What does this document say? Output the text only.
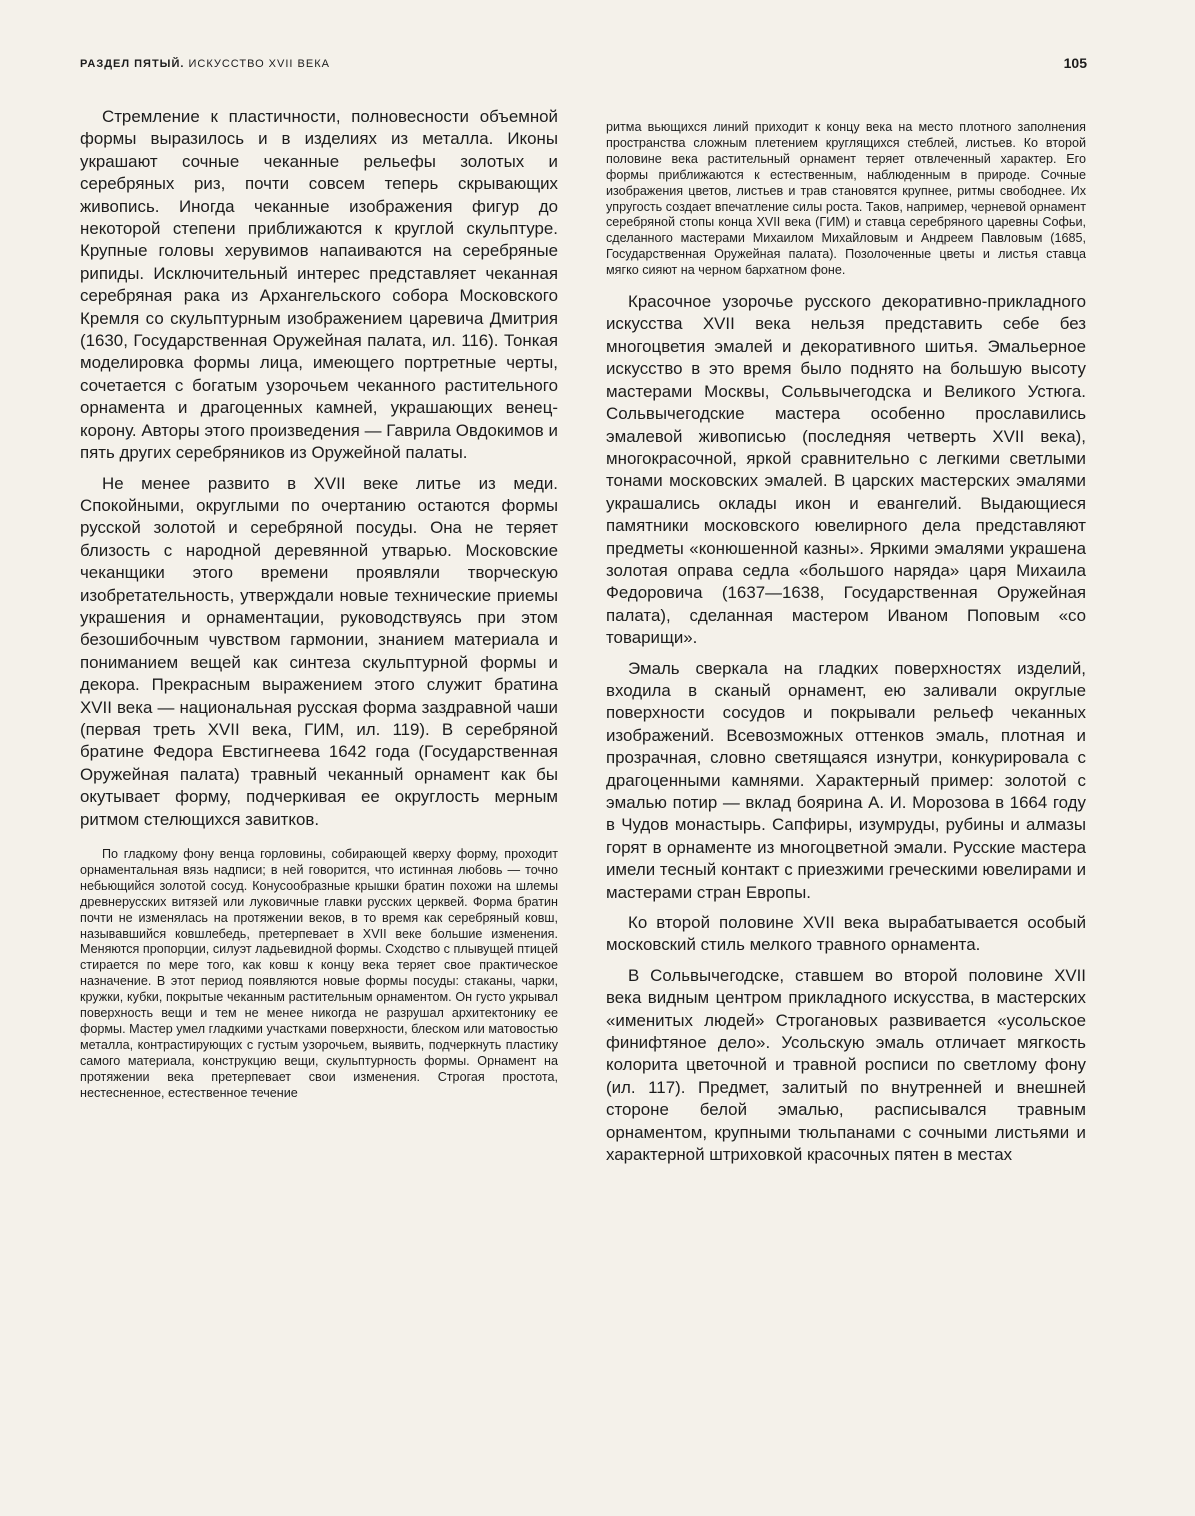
РАЗДЕЛ ПЯТЫЙ. ИСКУССТВО XVII ВЕКА	105

Стремление к пластичности, полновесности объемной формы выразилось и в изделиях из металла. Иконы украшают сочные чеканные рельефы золотых и серебряных риз, почти совсем теперь скрывающих живопись. Иногда чеканные изображения фигур до некоторой степени приближаются к круглой скульптуре. Крупные головы херувимов напаиваются на серебряные рипиды. Исключительный интерес представляет чеканная серебряная рака из Архангельского собора Московского Кремля со скульптурным изображением царевича Дмитрия (1630, Государственная Оружейная палата, ил. 116). Тонкая моделировка формы лица, имеющего портретные черты, сочетается с богатым узорочьем чеканного растительного орнамента и драгоценных камней, украшающих венец-корону. Авторы этого произведения — Гаврила Овдокимов и пять других серебряников из Оружейной палаты.

Не менее развито в XVII веке литье из меди. Спокойными, округлыми по очертанию остаются формы русской золотой и серебряной посуды. Она не теряет близость с народной деревянной утварью. Московские чеканщики этого времени проявляли творческую изобретательность, утверждали новые технические приемы украшения и орнаментации, руководствуясь при этом безошибочным чувством гармонии, знанием материала и пониманием вещей как синтеза скульптурной формы и декора. Прекрасным выражением этого служит братина XVII века — национальная русская форма заздравной чаши (первая треть XVII века, ГИМ, ил. 119). В серебряной братине Федора Евстигнеева 1642 года (Государственная Оружейная палата) травный чеканный орнамент как бы окутывает форму, подчеркивая ее округлость мерным ритмом стелющихся завитков.

По гладкому фону венца горловины, собирающей кверху форму, проходит орнаментальная вязь надписи; в ней говорится, что истинная любовь — точно небьющийся золотой сосуд. Конусообразные крышки братин похожи на шлемы древнерусских витязей или луковичные главки русских церквей. Форма братин почти не изменялась на протяжении веков, в то время как серебряный ковш, называвшийся ковшлебедь, претерпевает в XVII веке большие изменения. Меняются пропорции, силуэт ладьевидной формы. Сходство с плывущей птицей стирается по мере того, как ковш к концу века теряет свое практическое назначение. В этот период появляются новые формы посуды: стаканы, чарки, кружки, кубки, покрытые чеканным растительным орнаментом. Он густо укрывал поверхность вещи и тем не менее никогда не разрушал архитектонику ее формы. Мастер умел гладкими участками поверхности, блеском или матовостью металла, контрастирующих с густым узорочьем, выявить, подчеркнуть пластику самого материала, конструкцию вещи, скульптурность формы. Орнамент на протяжении века претерпевает свои изменения. Строгая простота, нестесненное, естественное течение

ритма вьющихся линий приходит к концу века на место плотного заполнения пространства сложным плетением круглящихся стеблей, листьев. Ко второй половине века растительный орнамент теряет отвлеченный характер. Его формы приближаются к естественным, наблюденным в природе. Сочные изображения цветов, листьев и трав становятся крупнее, ритмы свободнее. Их упругость создает впечатление силы роста. Таков, например, черневой орнамент серебряной стопы конца XVII века (ГИМ) и ставца серебряного царевны Софьи, сделанного мастерами Михаилом Михайловым и Андреем Павловым (1685, Государственная Оружейная палата). Позолоченные цветы и листья ставца мягко сияют на черном бархатном фоне.

Красочное узорочье русского декоративно-прикладного искусства XVII века нельзя представить себе без многоцветия эмалей и декоративного шитья. Эмальерное искусство в это время было поднято на большую высоту мастерами Москвы, Сольвычегодска и Великого Устюга. Сольвычегодские мастера особенно прославились эмалевой живописью (последняя четверть XVII века), многокрасочной, яркой сравнительно с легкими светлыми тонами московских эмалей. В царских мастерских эмалями украшались оклады икон и евангелий. Выдающиеся памятники московского ювелирного дела представляют предметы «конюшенной казны». Яркими эмалями украшена золотая оправа седла «большого наряда» царя Михаила Федоровича (1637—1638, Государственная Оружейная палата), сделанная мастером Иваном Поповым «со товарищи».

Эмаль сверкала на гладких поверхностях изделий, входила в сканый орнамент, ею заливали округлые поверхности сосудов и покрывали рельеф чеканных изображений. Всевозможных оттенков эмаль, плотная и прозрачная, словно светящаяся изнутри, конкурировала с драгоценными камнями. Характерный пример: золотой с эмалью потир — вклад боярина А. И. Морозова в 1664 году в Чудов монастырь. Сапфиры, изумруды, рубины и алмазы горят в орнаменте из многоцветной эмали. Русские мастера имели тесный контакт с приезжими греческими ювелирами и мастерами стран Европы.

Ко второй половине XVII века вырабатывается особый московский стиль мелкого травного орнамента.

В Сольвычегодске, ставшем во второй половине XVII века видным центром прикладного искусства, в мастерских «именитых людей» Строгановых развивается «усольское финифтяное дело». Усольскую эмаль отличает мягкость колорита цветочной и травной росписи по светлому фону (ил. 117). Предмет, залитый по внутренней и внешней стороне белой эмалью, расписывался травным орнаментом, крупными тюльпанами с сочными листьями и характерной штриховкой красочных пятен в местах
